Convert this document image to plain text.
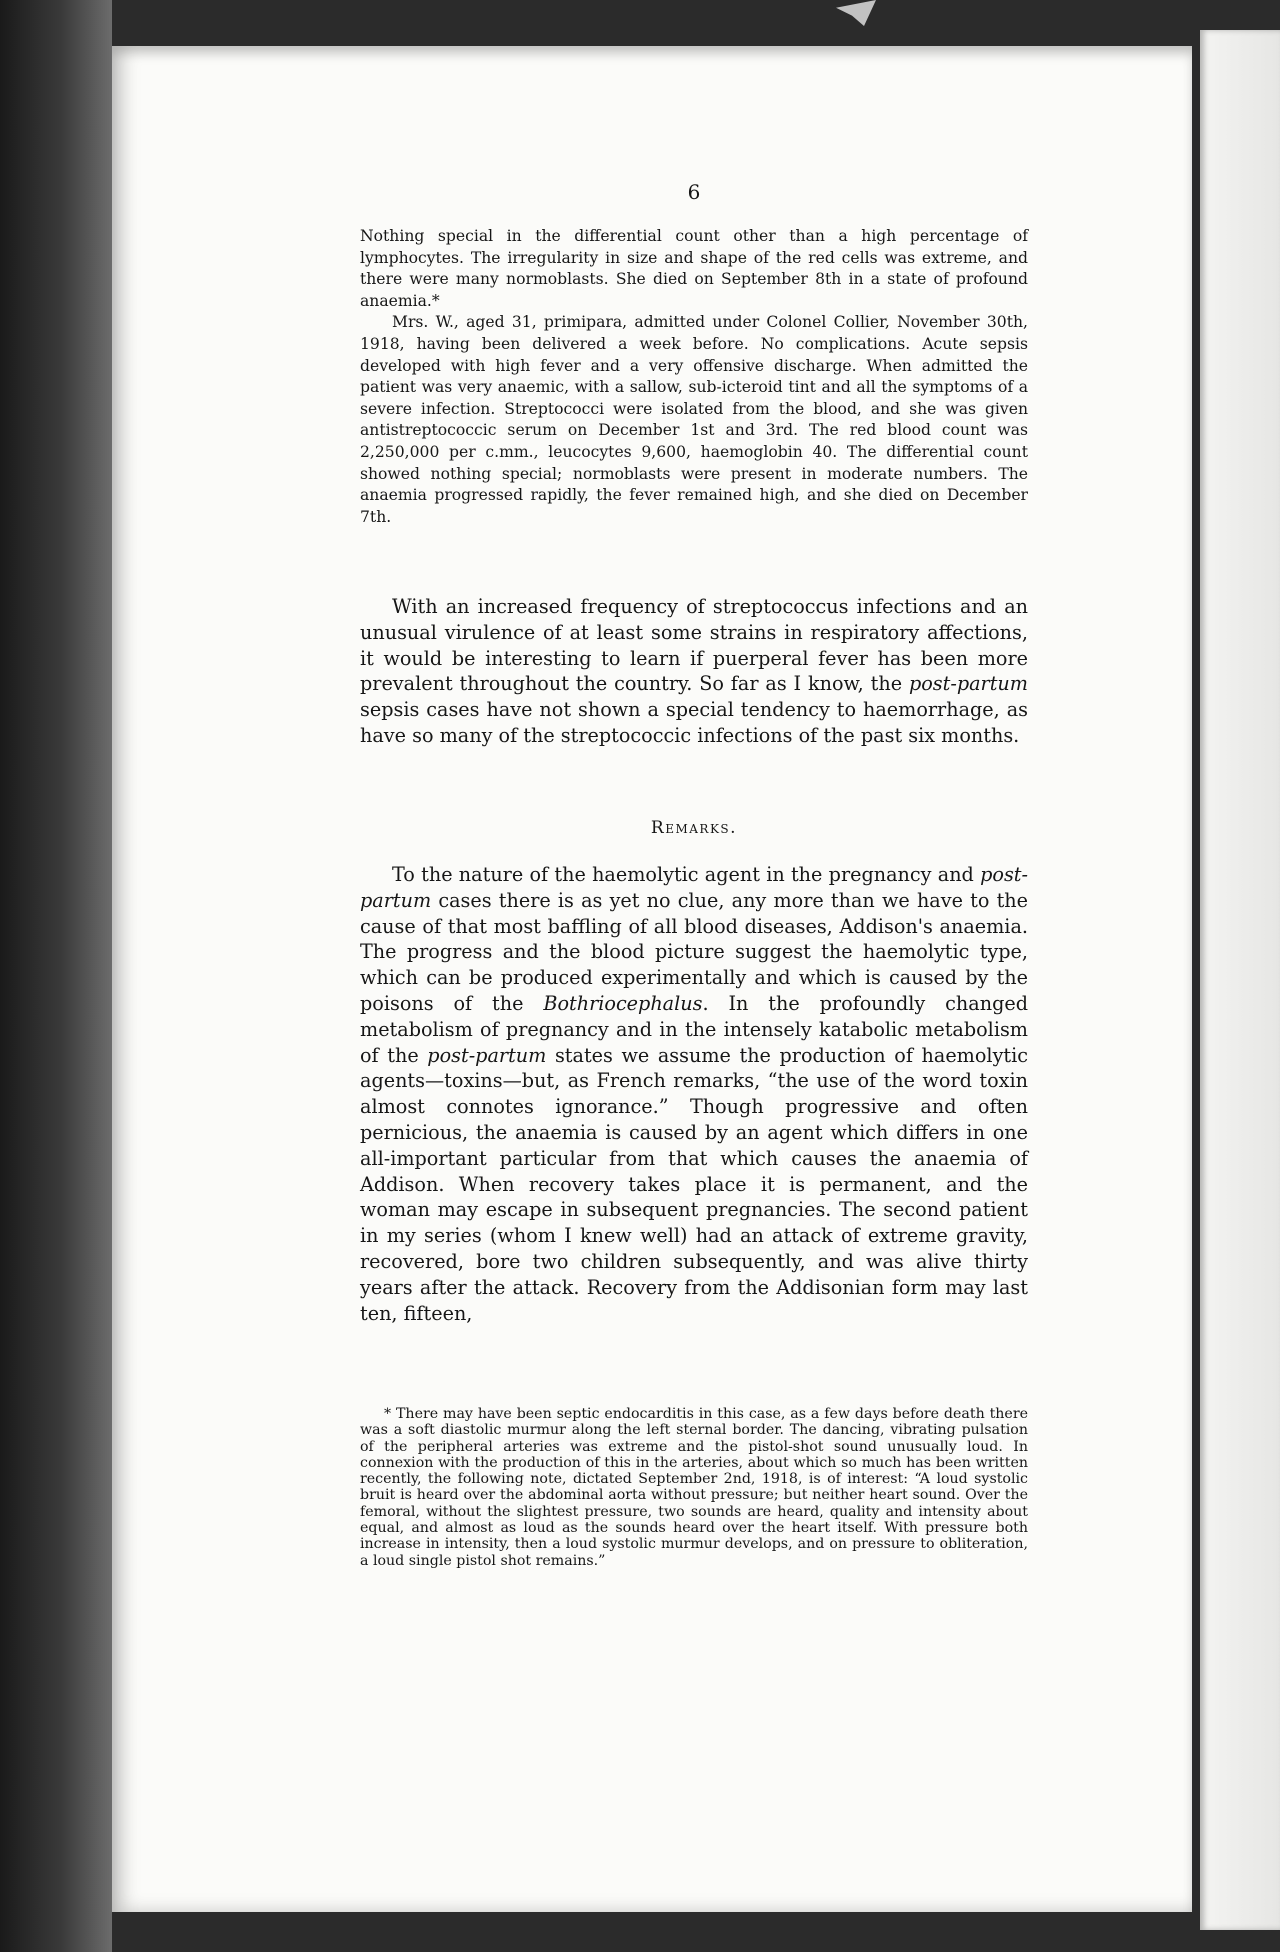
6

Nothing special in the differential count other than a high percentage of lymphocytes. The irregularity in size and shape of the red cells was extreme, and there were many normoblasts. She died on September 8th in a state of profound anaemia.*

Mrs. W., aged 31, primipara, admitted under Colonel Collier, November 30th, 1918, having been delivered a week before. No complications. Acute sepsis developed with high fever and a very offensive discharge. When admitted the patient was very anaemic, with a sallow, sub-icteroid tint and all the symptoms of a severe infection. Streptococci were isolated from the blood, and she was given antistreptococcic serum on December 1st and 3rd. The red blood count was 2,250,000 per c.mm., leucocytes 9,600, haemoglobin 40. The differential count showed nothing special; normoblasts were present in moderate numbers. The anaemia progressed rapidly, the fever remained high, and she died on December 7th.

With an increased frequency of streptococcus infections and an unusual virulence of at least some strains in respiratory affections, it would be interesting to learn if puerperal fever has been more prevalent throughout the country. So far as I know, the post-partum sepsis cases have not shown a special tendency to haemorrhage, as have so many of the streptococcic infections of the past six months.

Remarks.

To the nature of the haemolytic agent in the pregnancy and post-partum cases there is as yet no clue, any more than we have to the cause of that most baffling of all blood diseases, Addison's anaemia. The progress and the blood picture suggest the haemolytic type, which can be produced experimentally and which is caused by the poisons of the Bothriocephalus. In the profoundly changed metabolism of pregnancy and in the intensely katabolic metabolism of the post-partum states we assume the production of haemolytic agents—toxins—but, as French remarks, “the use of the word toxin almost connotes ignorance.” Though progressive and often pernicious, the anaemia is caused by an agent which differs in one all-important particular from that which causes the anaemia of Addison. When recovery takes place it is permanent, and the woman may escape in subsequent pregnancies. The second patient in my series (whom I knew well) had an attack of extreme gravity, recovered, bore two children subsequently, and was alive thirty years after the attack. Recovery from the Addisonian form may last ten, fifteen,

* There may have been septic endocarditis in this case, as a few days before death there was a soft diastolic murmur along the left sternal border. The dancing, vibrating pulsation of the peripheral arteries was extreme and the pistol-shot sound unusually loud. In connexion with the production of this in the arteries, about which so much has been written recently, the following note, dictated September 2nd, 1918, is of interest: “A loud systolic bruit is heard over the abdominal aorta without pressure; but neither heart sound. Over the femoral, without the slightest pressure, two sounds are heard, quality and intensity about equal, and almost as loud as the sounds heard over the heart itself. With pressure both increase in intensity, then a loud systolic murmur develops, and on pressure to obliteration, a loud single pistol shot remains.”
